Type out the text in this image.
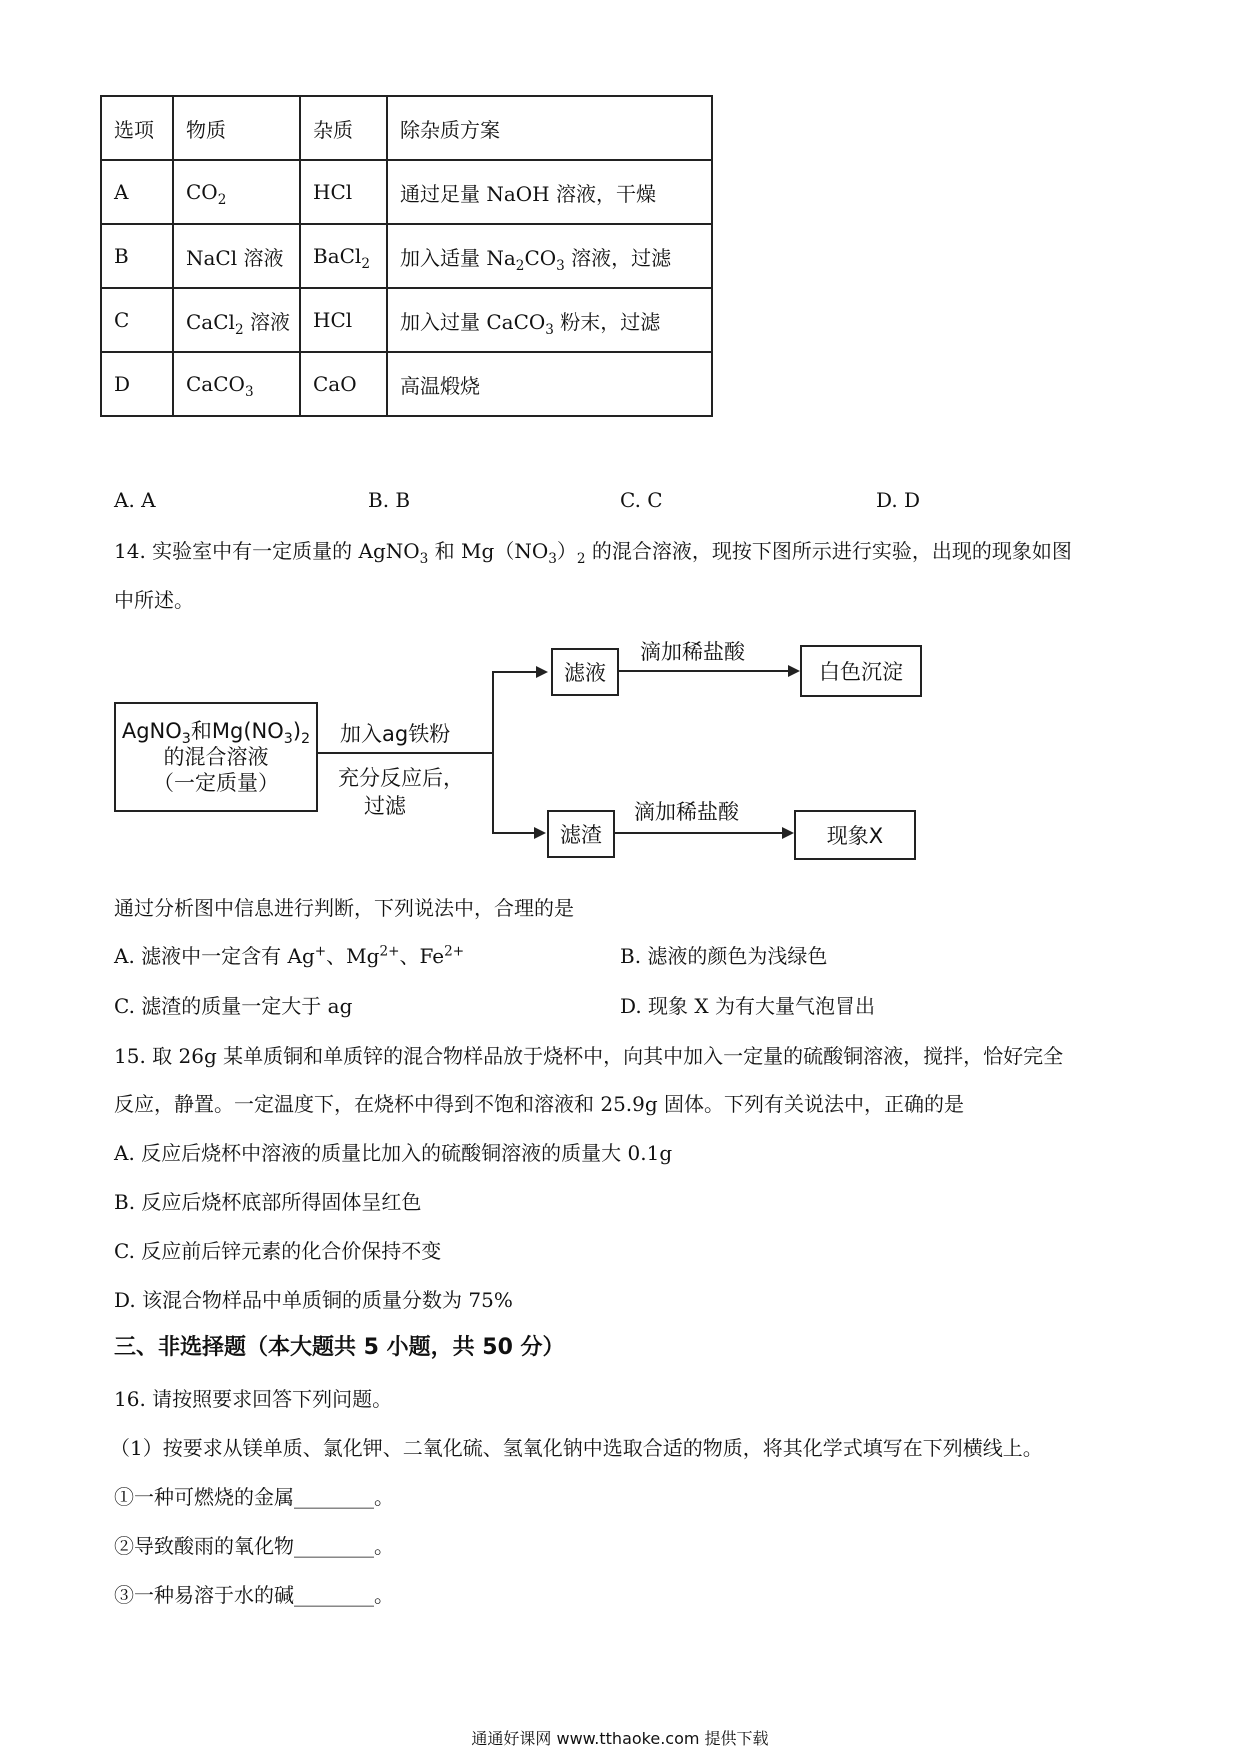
选项	物质	杂质	除杂质方案
A	$CO_2$	HCl	通过足量 NaOH 溶液，干燥
B	NaCl 溶液	BaCl$_2$	加入适量 $Na_2CO_3$ 溶液，过滤
C	CaCl$_2$ 溶液	HCl	加入过量 CaCO$_3$ 粉末，过滤
D	CaCO$_3$	CaO	高温煅烧
A. A	B. B	C. C	D. D
14. 实验室中有一定质量的 AgNO$_3$ 和 $Mg(NO_3)_2$ 的混合溶液，现按下图所示进行实验，出现的现象如图
中所述。
AgNO$_3$和$Mg(NO_3)_2$
的混合溶液
（一定质量）
加入ag铁粉
充分反应后，
过滤
滤液
滤渣
滴加稀盐酸
滴加稀盐酸
白色沉淀
现象X
通过分析图中信息进行判断，下列说法中，合理的是
A. 滤液中一定含有 Ag+、$Mg^{2+}$、$Fe^{2+}$	B. 滤液的颜色为浅绿色
C. 滤渣的质量一定大于 ag	D. 现象 X 为有大量气泡冒出
15. 取 26g 某单质铜和单质锌的混合物样品放于烧杯中，向其中加入一定量的硫酸铜溶液，搅拌，恰好完全
反应，静置。一定温度下，在烧杯中得到不饱和溶液和 25.9g 固体。下列有关说法中，正确的是
A. 反应后烧杯中溶液的质量比加入的硫酸铜溶液的质量大 0.1g
B. 反应后烧杯底部所得固体呈红色
C. 反应前后锌元素的化合价保持不变
D. 该混合物样品中单质铜的质量分数为 75%
三、非选择题（本大题共 5 小题，共 50 分）
16. 请按照要求回答下列问题。
（1）按要求从镁单质、氯化钾、二氧化硫、氢氧化钠中选取合适的物质，将其化学式填写在下列横线上。
①一种可燃烧的金属________。
②导致酸雨的氧化物________。
③一种易溶于水的碱________。
通通好课网 www.tthaoke.com 提供下载
